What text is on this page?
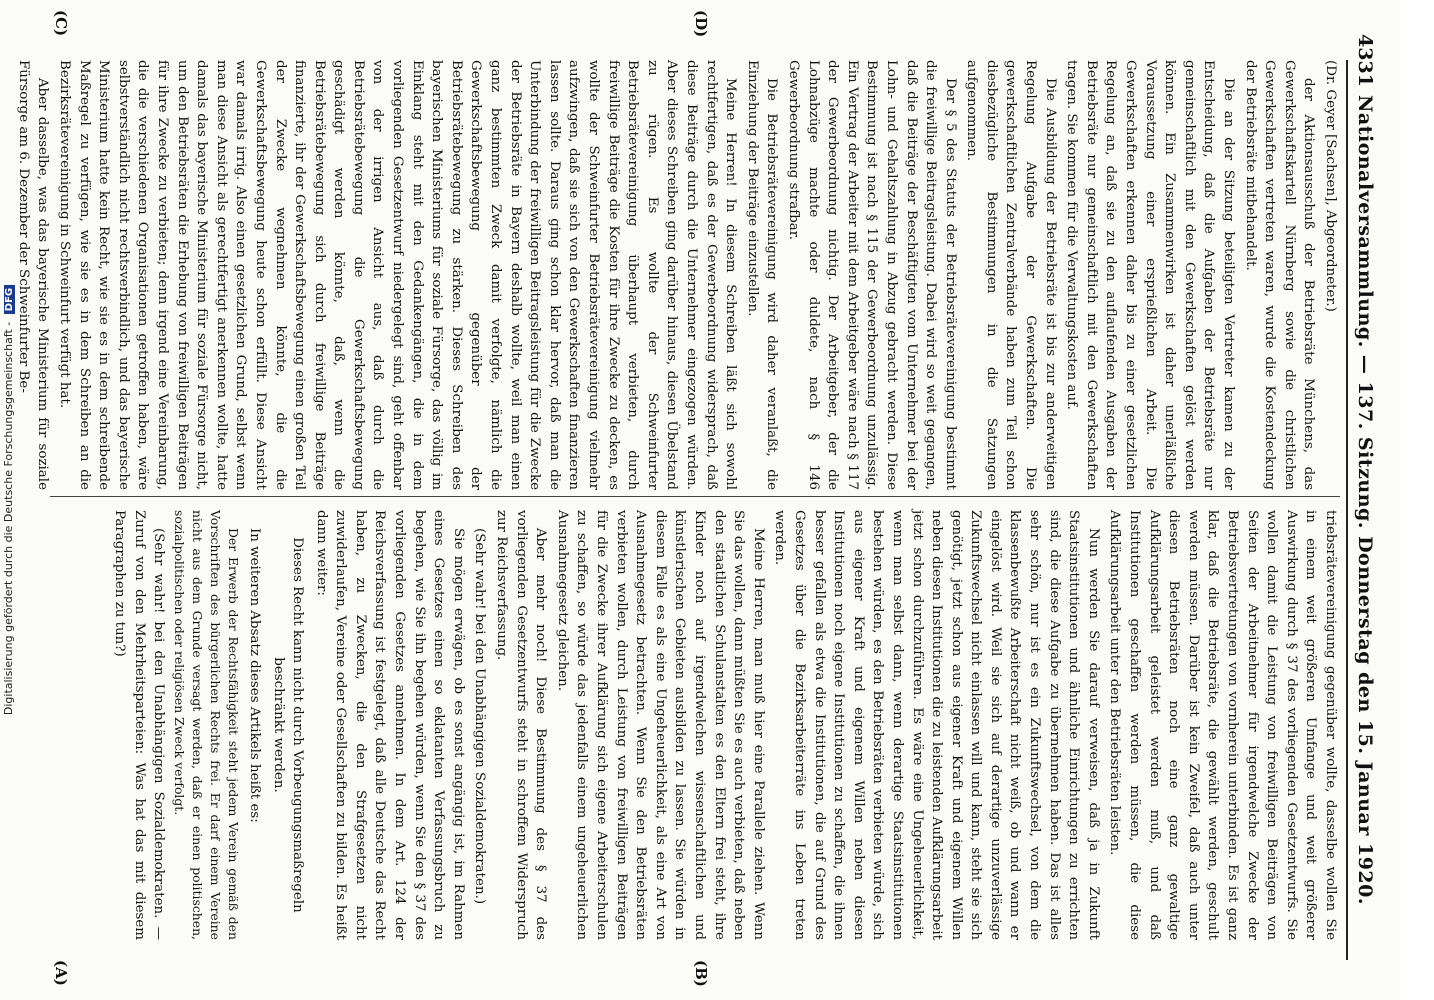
4331
Nationalversammlung. — 137. Sitzung. Donnerstag den 15. Januar 1920.
(A)	(B)
(C)	(D)

(Dr. Geyer [Sachsen], Abgeordneter.)

der Aktionsausschuß der Betriebsräte Münchens, das Gewerkschaftskartell Nürnberg sowie die christlichen Gewerkschaften vertreten waren, wurde die Kostendeckung der Betriebsräte mitbehandelt.

Die an der Sitzung beteiligten Vertreter kamen zu der Entscheidung, daß die Aufgaben der Betriebsräte nur gemeinschaftlich mit den Gewerkschaften gelöst werden können. Ein Zusammenwirken ist daher unerläßliche Voraussetzung einer ersprießlichen Arbeit. Die Gewerkschaften erkennen daher bis zu einer gesetzlichen Regelung an, daß sie zu den auflaufenden Ausgaben der Betriebsräte nur gemeinschaftlich mit den Gewerkschaften tragen. Sie kommen für die Verwaltungskosten auf.

Die Ausbildung der Betriebsräte ist bis zur anderweitigen Regelung Aufgabe der Gewerkschaften. Die gewerkschaftlichen Zentralverbände haben zum Teil schon diesbezügliche Bestimmungen in die Satzungen aufgenommen.

Der § 5 des Statuts der Betriebsrätevereinigung bestimmt die freiwillige Beitragsleistung. Dabei wird so weit gegangen, daß die Beiträge der Beschäftigten vom Unternehmer bei der Lohn- und Gehaltszahlung in Abzug gebracht werden. Diese Bestimmung ist nach § 115 der Gewerbeordnung unzulässig. Ein Vertrag der Arbeiter mit dem Arbeitgeber wäre nach § 117 der Gewerbeordnung nichtig. Der Arbeitgeber, der die Lohnabzüge machte oder duldete, nach § 146 Gewerbeordnung strafbar.

Die Betriebsrätevereinigung wird daher veranlaßt, die Einziehung der Beiträge einzustellen.

Meine Herren! In diesem Schreiben läßt sich sowohl rechtfertigen, daß es der Gewerbeordnung widersprach, daß diese Beiträge durch die Unternehmer eingezogen würden. Aber dieses Schreiben ging darüber hinaus, diesen Übelstand zu rügen. Es wollte der Schweinfurter Betriebsrätevereinigung überhaupt verbieten, durch freiwillige Beiträge die Kosten für ihre Zwecke zu decken, es wollte der Schweinfurter Betriebsrätevereinigung vielmehr aufzwingen, daß sie sich von den Gewerkschaften finanzieren lassen sollte. Daraus ging schon klar hervor, daß man die Unterbindung der freiwilligen Beitragsleistung für die Zwecke der Betriebsräte in Bayern deshalb wollte, weil man einen ganz bestimmten Zweck damit verfolgte, nämlich die Gewerkschaftsbewegung gegenüber der Betriebsrätebewegung zu stärken. Dieses Schreiben des bayerischen Ministeriums für soziale Fürsorge, das völlig im Einklang steht mit den Gedankengängen, die in dem vorliegenden Gesetzentwurf niedergelegt sind, geht offenbar von der irrigen Ansicht aus, daß durch die Betriebsrätebewegung die Gewerkschaftsbewegung geschädigt werden könnte, daß, wenn die Betriebsrätebewegung sich durch freiwillige Beiträge finanzierte, ihr der Gewerkschaftsbewegung einen großen Teil der Zwecke wegnehmen könnte, die die Gewerkschaftsbewegung heute schon erfüllt. Diese Ansicht war damals irrig. Also einen gesetzlichen Grund, selbst wenn man diese Ansicht als gerechtfertigt anerkennen wollte, hatte damals das bayerische Ministerium für soziale Fürsorge nicht, um den Betriebsräten die Erhebung von freiwilligen Beiträgen für ihre Zwecke zu verbieten; denn irgend eine Vereinbarung, die die verschiedenen Organisationen getroffen haben, wäre selbstverständlich nicht rechtsverbindlich, und das bayerische Ministerium hatte kein Recht, wie sie es in dem schreibende Maßregel zu verfügen, wie sie es in dem Schreiben an die Bezirksrätevereinigung in Schweinfurt verfügt hat.

Aber dasselbe, was das bayerische Ministerium für soziale Fürsorge am 6. Dezember der Schweinfurter Be-

triebsrätevereinigung gegenüber wollte, dasselbe wollen Sie in einem weit größeren Umfange und weit größerer Auswirkung durch § 37 des vorliegenden Gesetzentwurfs. Sie wollen damit die Leistung von freiwilligen Beiträgen von Seiten der Arbeitnehmer für irgendwelche Zwecke der Betriebsvertretungen von vornherein unterbinden. Es ist ganz klar, daß die Betriebsräte, die gewählt werden, geschult werden müssen. Darüber ist kein Zweifel, daß auch unter diesen Betriebsräten noch eine ganz gewaltige Aufklärungsarbeit geleistet werden muß, und daß Institutionen geschaffen werden müssen, die diese Aufklärungsarbeit unter den Betriebsräten leisten.

Nun werden Sie darauf verweisen, daß ja in Zukunft Staatsinstitutionen und ähnliche Einrichtungen zu errichten sind, die diese Aufgabe zu übernehmen haben. Das ist alles sehr schön, nur ist es ein Zukunftswechsel, von dem die klassenbewußte Arbeiterschaft nicht weiß, ob und wann er eingelöst wird. Weil sie sich auf derartige unzuverlässige Zukunftswechsel nicht einlassen will und kann, steht sie sich genötigt, jetzt schon aus eigener Kraft und eigenem Willen neben diesen Institutionen die zu leistenden Aufklärungsarbeit jetzt schon durchzuführen. Es wäre eine Ungeheuerlichkeit, wenn man selbst dann, wenn derartige Staatsinstitutionen bestehen würden, es den Betriebsräten verbieten würde, sich aus eigener Kraft und eigenem Willen neben diesen Institutionen noch eigene Institutionen zu schaffen, die ihnen besser gefallen als etwa die Institutionen, die auf Grund des Gesetzes über die Bezirksarbeiterräte ins Leben treten werden.

Meine Herren, man muß hier eine Parallele ziehen. Wenn Sie das wollen, dann müßten Sie es auch verbieten, daß neben den staatlichen Schulanstalten es den Eltern frei steht, ihre Kinder noch auf irgendwelchen wissenschaftlichen und künstlerischen Gebieten ausbilden zu lassen. Sie würden in diesem Falle es als eine Ungeheuerlichkeit, als eine Art von Ausnahmegesetz betrachten. Wenn Sie den Betriebsräten verbieten wollen, durch Leistung von freiwilligen Beiträgen für die Zwecke ihrer Aufklärung sich eigene Arbeiterschulen zu schaffen, so würde das jedenfalls einem ungeheuerlichen Ausnahmegesetz gleichen.

Aber mehr noch! Diese Bestimmung des § 37 des vorliegenden Gesetzentwurfs steht in schroffem Widerspruch zur Reichsverfassung.

(Sehr wahr! bei den Unabhängigen Sozialdemokraten.)

Sie mögen erwägen, ob es sonst angängig ist, im Rahmen eines Gesetzes einen so eklatanten Verfassungsbruch zu begehen, wie Sie ihn begehen würden, wenn Sie den § 37 des vorliegenden Gesetzes annehmen. In dem Art. 124 der Reichsverfassung ist festgelegt, daß alle Deutsche das Recht haben, zu Zwecken, die den Strafgesetzen nicht zuwiderlaufen, Vereine oder Gesellschaften zu bilden. Es heißt dann weiter:

Dieses Recht kann nicht durch Vorbeugungsmaßregeln beschränkt werden.

In weiteren Absatz dieses Artikels heißt es:

Der Erwerb der Rechtsfähigkeit steht jedem Verein gemäß den Vorschriften des bürgerlichen Rechts frei. Er darf einem Vereine nicht aus dem Grunde versagt werden, daß er einen politischen, sozialpolitischen oder religiösen Zweck verfolgt.

(Sehr wahr! bei den Unabhängigen Sozialdemokraten. — Zuruf von den Mehrheitsparteien: Was hat das mit diesem Paragraphen zu tun?)

Digitalisierung gefördert durch die Deutsche Forschungsgemeinschaft - DFG
